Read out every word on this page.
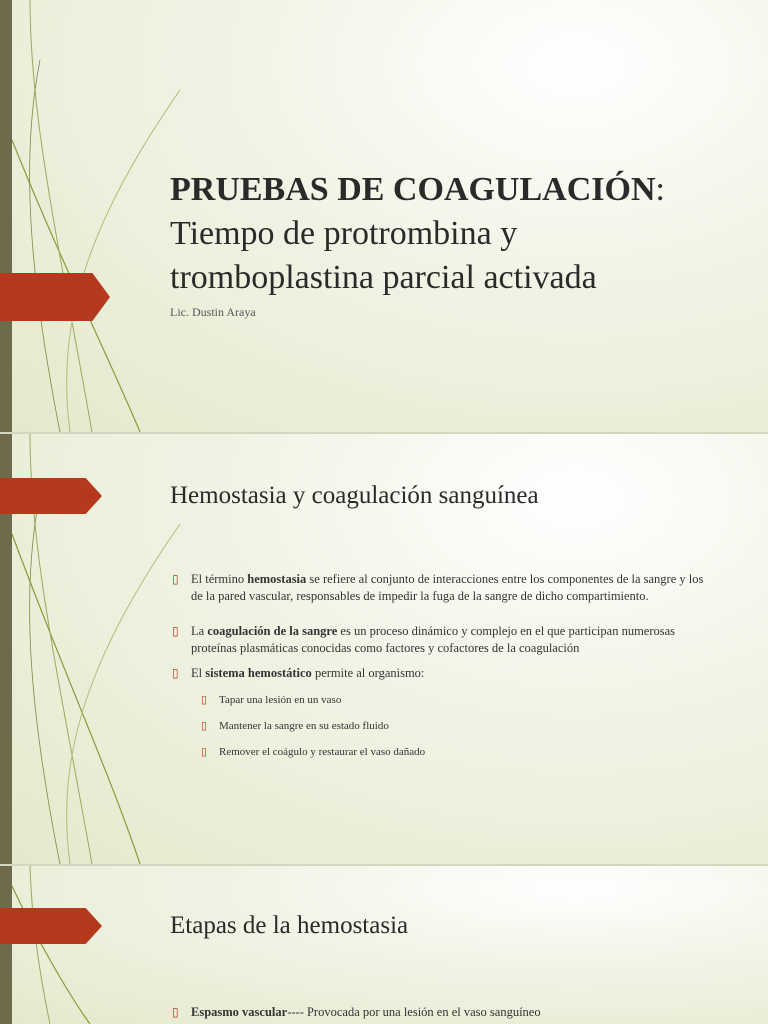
PRUEBAS DE COAGULACIÓN:
Tiempo de protrombina y
tromboplastina parcial activada
Lic. Dustin Araya
Hemostasia y coagulación sanguínea
▯ El término hemostasia se refiere al conjunto de interacciones entre los componentes de la sangre y los de la pared vascular, responsables de impedir la fuga de la sangre de dicho compartimiento.
▯ La coagulación de la sangre es un proceso dinámico y complejo en el que participan numerosas proteínas plasmáticas conocidas como factores y cofactores de la coagulación
▯ El sistema hemostático permite al organismo:
▯ Tapar una lesión en un vaso
▯ Mantener la sangre en su estado fluido
▯ Remover el coágulo y restaurar el vaso dañado
Etapas de la hemostasia
▯ Espasmo vascular---- Provocada por una lesión en el vaso sanguíneo
